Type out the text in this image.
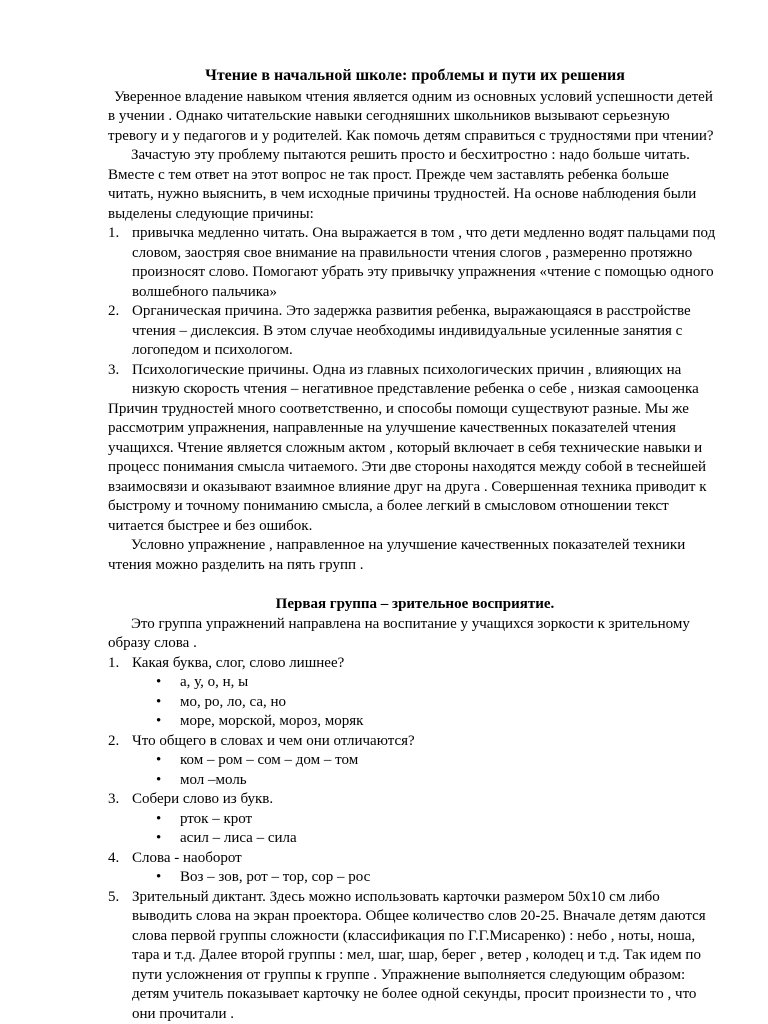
Чтение в начальной школе: проблемы и пути их решения

Уверенное владение навыком чтения является одним из основных условий успешности детей в учении . Однако читательские навыки сегодняшних школьников вызывают серьезную тревогу и у педагогов и у родителей. Как помочь детям справиться с трудностями при чтении?

Зачастую эту проблему пытаются решить просто и бесхитростно : надо больше читать. Вместе с тем ответ на этот вопрос не так прост. Прежде чем заставлять ребенка больше читать, нужно выяснить, в чем исходные причины трудностей. На основе наблюдения были выделены следующие причины:

1. привычка медленно читать. Она выражается в том , что дети медленно водят пальцами под словом, заостряя свое внимание на правильности чтения слогов , размеренно протяжно произносят слово. Помогают убрать эту привычку упражнения «чтение с помощью одного волшебного пальчика»
2. Органическая причина. Это задержка развития ребенка, выражающаяся в расстройстве чтения – дислексия. В этом случае необходимы индивидуальные усиленные занятия с логопедом и психологом.
3. Психологические причины. Одна из главных психологических причин , влияющих на низкую скорость чтения – негативное представление ребенка о себе , низкая самооценка

Причин трудностей много соответственно, и способы помощи существуют разные. Мы же рассмотрим упражнения, направленные на улучшение качественных показателей чтения учащихся. Чтение является сложным актом , который включает в себя технические навыки и процесс понимания смысла читаемого. Эти две стороны находятся между собой в теснейшей взаимосвязи и оказывают взаимное влияние друг на друга . Совершенная техника приводит к быстрому и точному пониманию смысла, а более легкий в смысловом отношении текст читается быстрее и без ошибок.

Условно упражнение , направленное на улучшение качественных показателей техники чтения можно разделить на пять групп .

Первая группа – зрительное восприятие.

Это группа упражнений направлена на воспитание у учащихся зоркости к зрительному образу слова .

1. Какая буква, слог, слово лишнее?
• а, у, о, н, ы
• мо, ро, ло, са, но
• море, морской, мороз, моряк
2. Что общего в словах и чем они отличаются?
• ком – ром – сом – дом – том
• мол –моль
3. Собери слово из букв.
• рток – крот
• асил – лиса – сила
4. Слова - наоборот
• Воз – зов, рот – тор, сор – рос
5. Зрительный диктант. Здесь можно использовать карточки размером 50х10 см либо выводить слова на экран проектора. Общее количество слов 20-25. Вначале детям даются слова первой группы сложности (классификация по Г.Г.Мисаренко) : небо , ноты, ноша, тара и т.д. Далее второй группы : мел, шаг, шар, берег , ветер , колодец и т.д. Так идем по пути усложнения от группы к группе . Упражнение выполняется следующим образом: детям учитель показывает карточку не более одной секунды, просит произнести то , что они прочитали .
